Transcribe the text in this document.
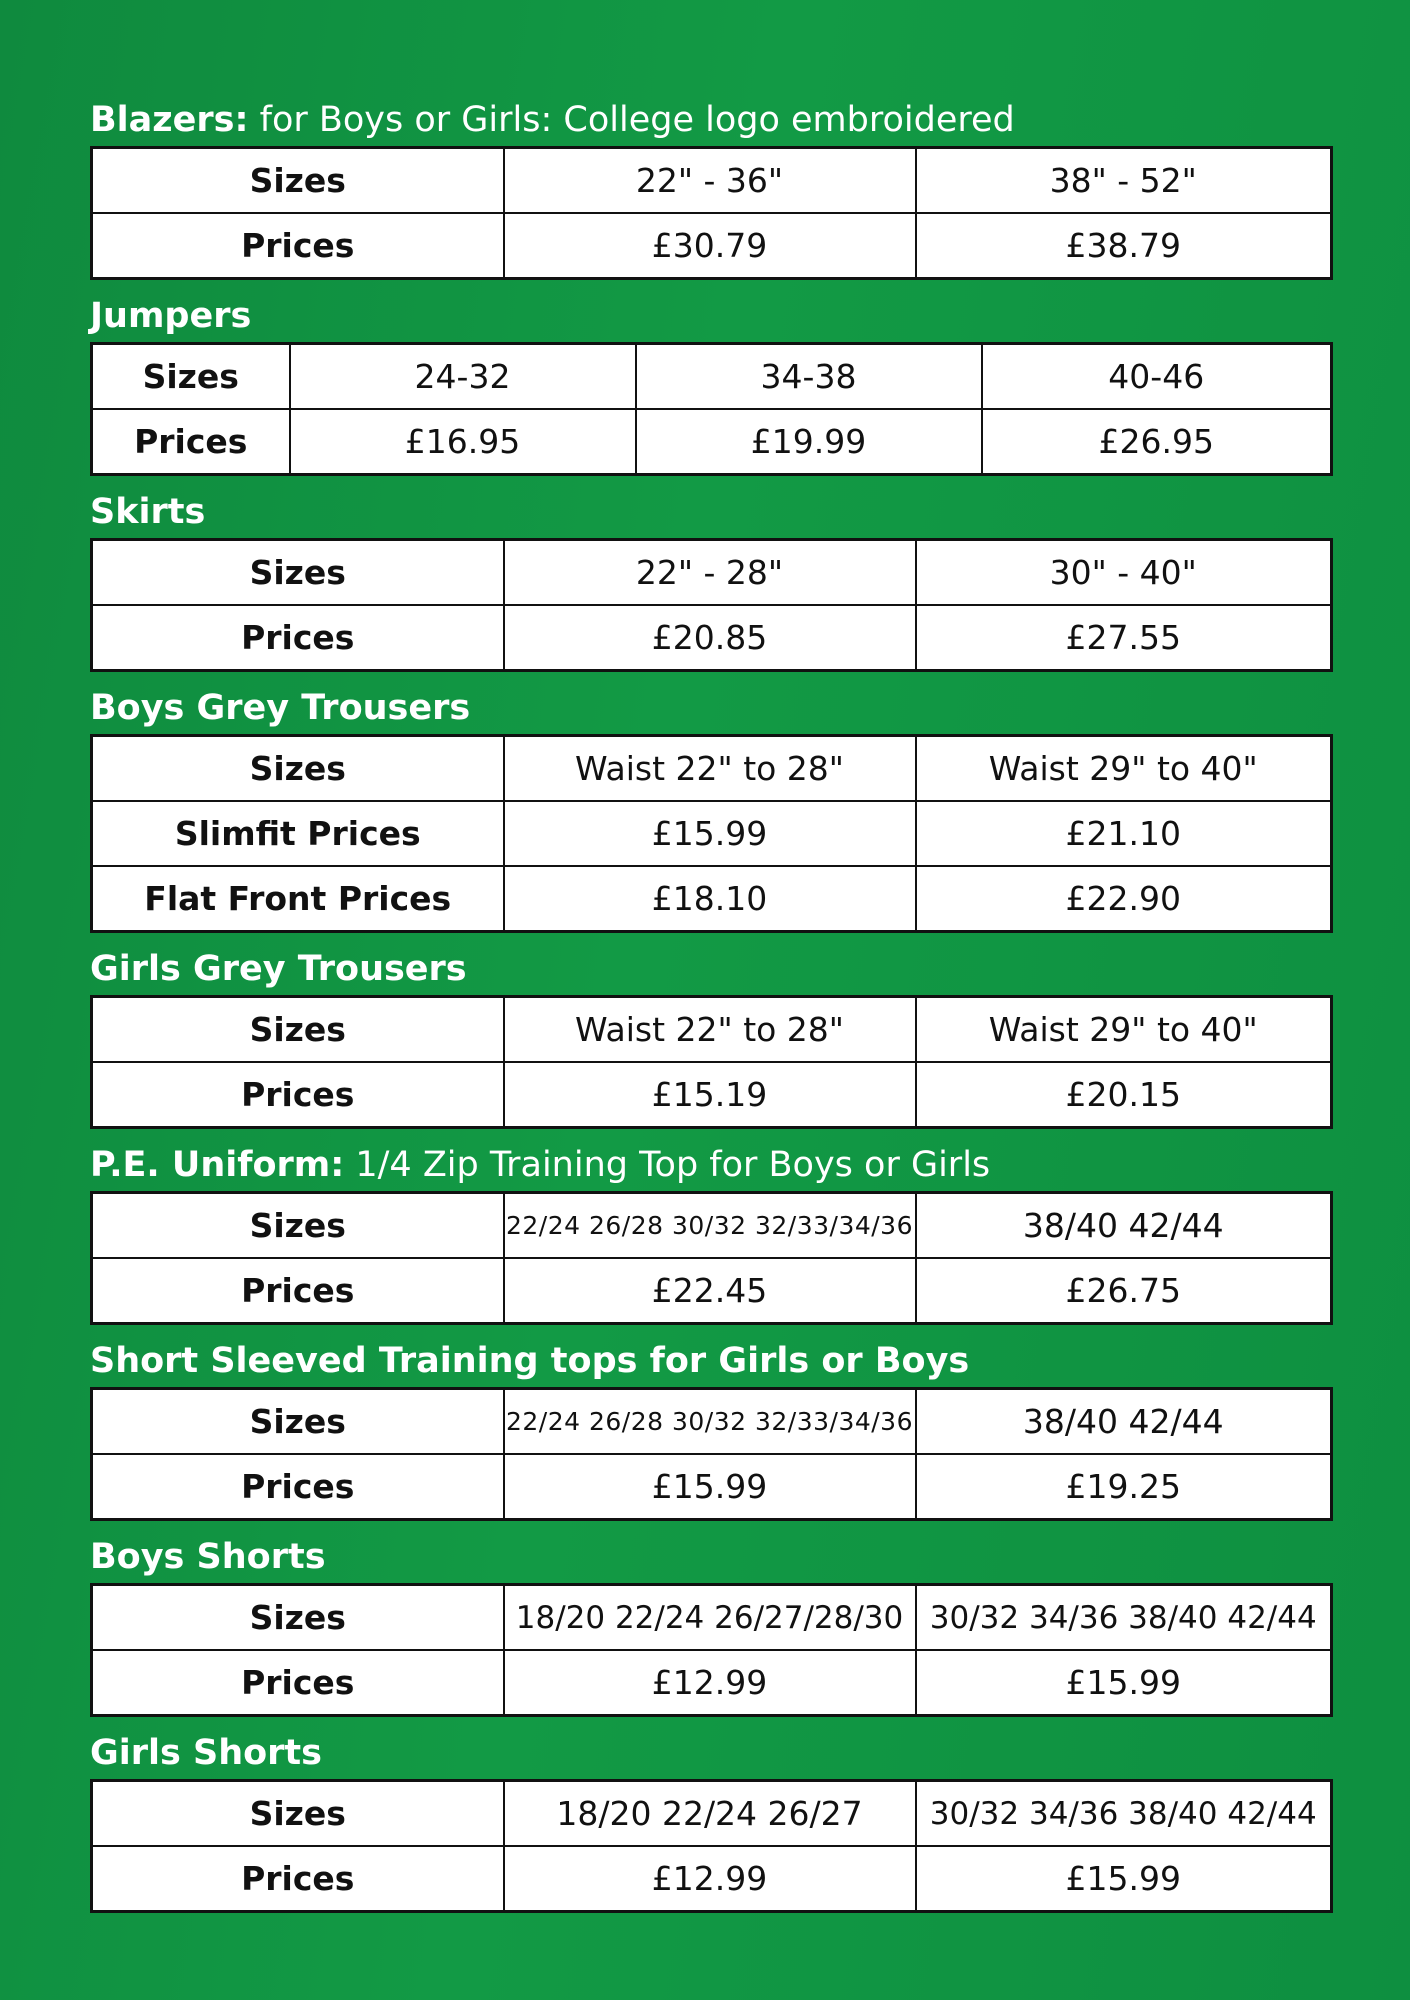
Blazers: for Boys or Girls: College logo embroidered
Sizes	22" - 36"	38" - 52"
Prices	£30.79	£38.79
Jumpers
Sizes	24-32	34-38	40-46
Prices	£16.95	£19.99	£26.95
Skirts
Sizes	22" - 28"	30" - 40"
Prices	£20.85	£27.55
Boys Grey Trousers
Sizes	Waist 22" to 28"	Waist 29" to 40"
Slimfit Prices	£15.99	£21.10
Flat Front Prices	£18.10	£22.90
Girls Grey Trousers
Sizes	Waist 22" to 28"	Waist 29" to 40"
Prices	£15.19	£20.15
P.E. Uniform: 1/4 Zip Training Top for Boys or Girls
Sizes	22/24 26/28 30/32 32/33/34/36	38/40 42/44
Prices	£22.45	£26.75
Short Sleeved Training tops for Girls or Boys
Sizes	22/24 26/28 30/32 32/33/34/36	38/40 42/44
Prices	£15.99	£19.25
Boys Shorts
Sizes	18/20 22/24 26/27/28/30	30/32 34/36 38/40 42/44
Prices	£12.99	£15.99
Girls Shorts
Sizes	18/20 22/24 26/27	30/32 34/36 38/40 42/44
Prices	£12.99	£15.99
